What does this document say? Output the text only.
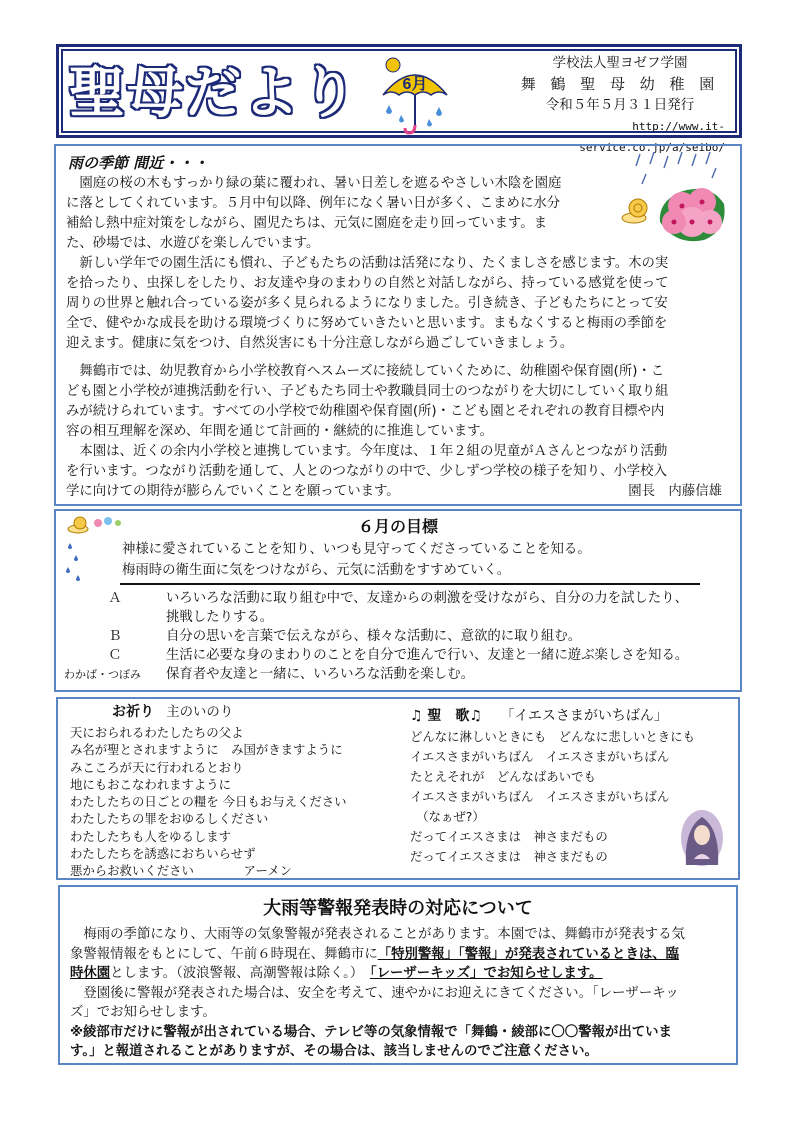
聖母だより	6月
学校法人聖ヨゼフ学園
舞 鶴 聖 母 幼 稚 園
令和５年５月３１日発行
http://www.it-service.co.jp/a/seibo/
雨の季節 間近・・・

　園庭の桜の木もすっかり緑の葉に覆われ、暑い日差しを遮るやさしい木陰を園庭

に落としてくれています。５月中旬以降、例年になく暑い日が多く、こまめに水分

補給し熱中症対策をしながら、園児たちは、元気に園庭を走り回っています。ま

た、砂場では、水遊びを楽しんでいます。

　新しい学年での園生活にも慣れ、子どもたちの活動は活発になり、たくましさを感じます。木の実

を拾ったり、虫探しをしたり、お友達や身のまわりの自然と対話しながら、持っている感覚を使って

周りの世界と触れ合っている姿が多く見られるようになりました。引き続き、子どもたちにとって安

全で、健やかな成長を助ける環境づくりに努めていきたいと思います。まもなくすると梅雨の季節を

迎えます。健康に気をつけ、自然災害にも十分注意しながら過ごしていきましょう。

　舞鶴市では、幼児教育から小学校教育へスムーズに接続していくために、幼稚園や保育園(所)・こ

ども園と小学校が連携活動を行い、子どもたち同士や教職員同士のつながりを大切にしていく取り組

みが続けられています。すべての小学校で幼稚園や保育園(所)・こども園とそれぞれの教育目標や内

容の相互理解を深め、年間を通じて計画的・継続的に推進しています。

　本園は、近くの余内小学校と連携しています。今年度は、１年２組の児童がＡさんとつながり活動

を行います。つながり活動を通して、人とのつながりの中で、少しずつ学校の様子を知り、小学校入

学に向けての期待が膨らんでいくことを願っています。	園長　内藤信雄

６月の目標

神様に愛されていることを知り、いつも見守ってくださっていることを知る。

梅雨時の衛生面に気をつけながら、元気に活動をすすめていく。

Ａ	いろいろな活動に取り組む中で、友達からの刺激を受けながら、自分の力を試したり、
挑戦したりする。
Ｂ	自分の思いを言葉で伝えながら、様々な活動に、意欲的に取り組む。
Ｃ	生活に必要な身のまわりのことを自分で進んで行い、友達と一緒に遊ぶ楽しさを知る。
わかば・つぼみ	保育者や友達と一緒に、いろいろな活動を楽しむ。
お祈り 主のいのり

天におられるわたしたちの父よ

み名が聖とされますように　み国がきますように

みこころが天に行われるとおり

地にもおこなわれますように

わたしたちの日ごとの糧を 今日もお与えください

わたしたちの罪をおゆるしください

わたしたちも人をゆるします

わたしたちを誘惑におちいらせず

悪からお救いください　　　　アーメン

♫ 聖　歌♫ 「イエスさまがいちばん」

どんなに淋しいときにも　どんなに悲しいときにも

イエスさまがいちばん　イエスさまがいちばん

たとえそれが　どんなばあいでも

イエスさまがいちばん　イエスさまがいちばん

　（なぁぜ?）

だってイエスさまは　神さまだもの

だってイエスさまは　神さまだもの

大雨等警報発表時の対応について

　梅雨の季節になり、大雨等の気象警報が発表されることがあります。本園では、舞鶴市が発表する気

象警報情報をもとにして、午前６時現在、舞鶴市に「特別警報」「警報」が発表されているときは、臨

時休園とします。（波浪警報、高潮警報は除く。）　「レーザーキッズ」でお知らせします。

　登園後に警報が発表された場合は、安全を考えて、速やかにお迎えにきてください。「レーザーキッ

ズ」でお知らせします。

※綾部市だけに警報が出されている場合、テレビ等の気象情報で「舞鶴・綾部に〇〇警報が出ていま

す。」と報道されることがありますが、その場合は、該当しませんのでご注意ください。
